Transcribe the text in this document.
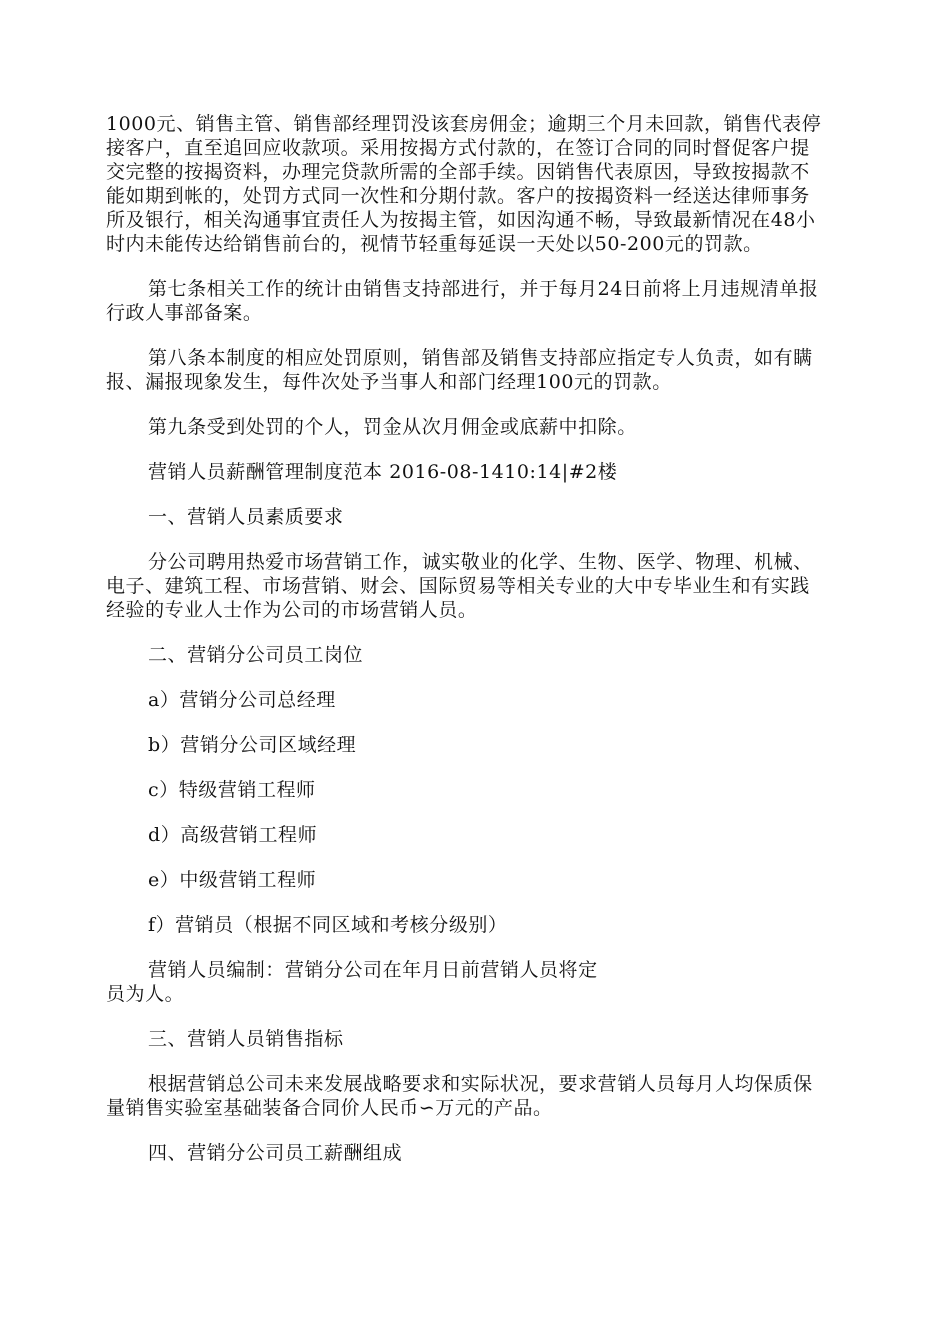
1000元、销售主管、销售部经理罚没该套房佣金；逾期三个月未回款，销售代表停
接客户，直至追回应收款项。采用按揭方式付款的，在签订合同的同时督促客户提
交完整的按揭资料，办理完贷款所需的全部手续。因销售代表原因，导致按揭款不
能如期到帐的，处罚方式同一次性和分期付款。客户的按揭资料一经送达律师事务
所及银行，相关沟通事宜责任人为按揭主管，如因沟通不畅，导致最新情况在48小
时内未能传达给销售前台的，视情节轻重每延误一天处以50-200元的罚款。

第七条相关工作的统计由销售支持部进行，并于每月24日前将上月违规清单报
行政人事部备案。

第八条本制度的相应处罚原则，销售部及销售支持部应指定专人负责，如有瞒
报、漏报现象发生，每件次处予当事人和部门经理100元的罚款。

第九条受到处罚的个人，罚金从次月佣金或底薪中扣除。

营销人员薪酬管理制度范本 2016-08-1410:14|#2楼

一、营销人员素质要求

分公司聘用热爱市场营销工作，诚实敬业的化学、生物、医学、物理、机械、
电子、建筑工程、市场营销、财会、国际贸易等相关专业的大中专毕业生和有实践
经验的专业人士作为公司的市场营销人员。

二、营销分公司员工岗位

a）营销分公司总经理

b）营销分公司区域经理

c）特级营销工程师

d）高级营销工程师

e）中级营销工程师

f）营销员（根据不同区域和考核分级别）

营销人员编制：营销分公司在年月日前营销人员将定
员为人。

三、营销人员销售指标

根据营销总公司未来发展战略要求和实际状况，要求营销人员每月人均保质保
量销售实验室基础装备合同价人民币∽万元的产品。

四、营销分公司员工薪酬组成
